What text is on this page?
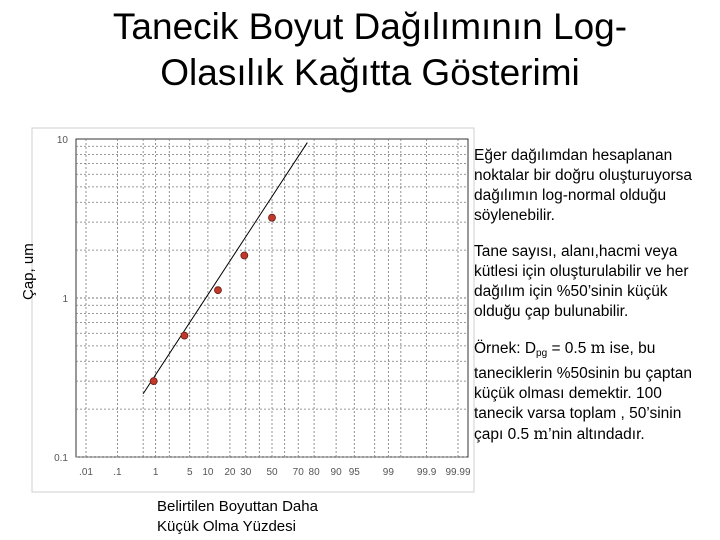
Tanecik Boyut Dağılımının Log-
Olasılık Kağıtta Gösterimi
0.1
1
10
.01 .1	1	5 10 20 30 50 70 80 90 95 99 99.9 99.99
Çap, um
Belirtilen Boyuttan Daha
Küçük Olma Yüzdesi

Eğer dağılımdan hesaplanan noktalar bir doğru oluşturuyorsa dağılımın log-normal olduğu söylenebilir.

Tane sayısı, alanı,hacmi veya kütlesi için oluşturulabilir ve her dağılım için %50’sinin küçük olduğu çap bulunabilir.

Örnek: $D_{pg} = 0.5$ m ise, bu taneciklerin %50sinin bu çaptan küçük olması demektir. 100 tanecik varsa toplam , 50’sinin çapı 0.5 m’nin altındadır.
